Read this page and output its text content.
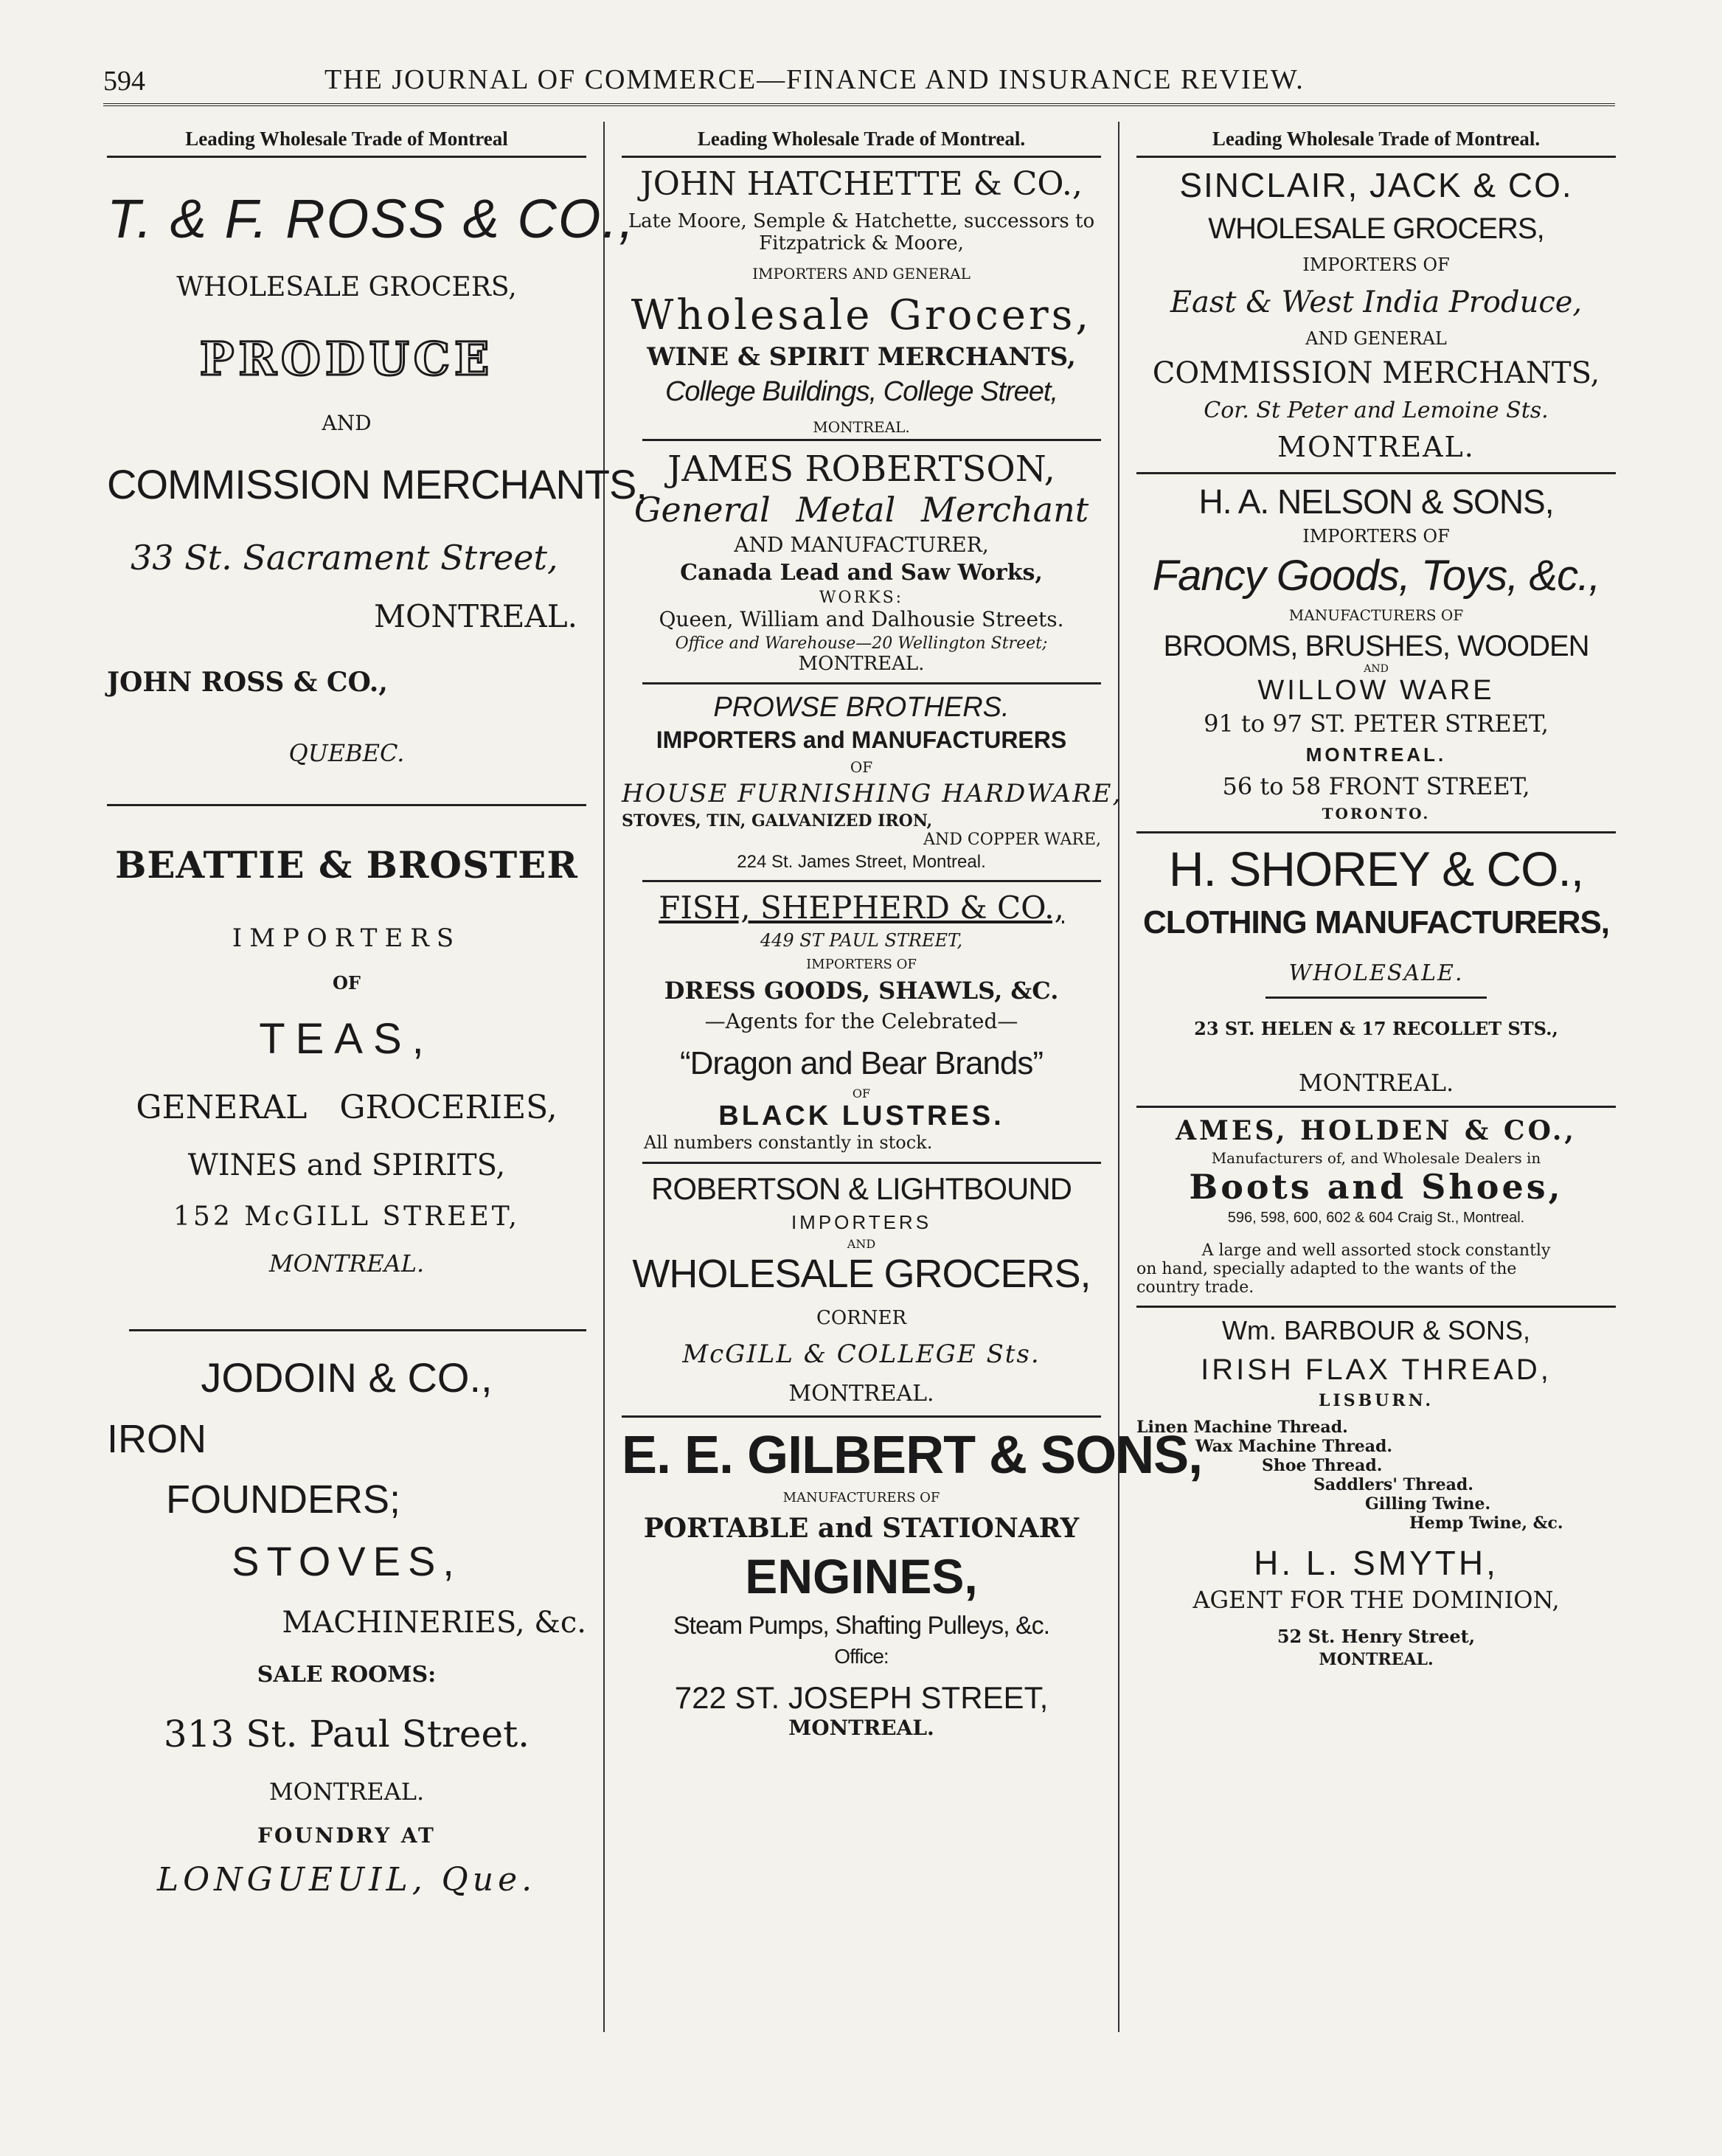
594	THE JOURNAL OF COMMERCE—FINANCE AND INSURANCE REVIEW.
Leading Wholesale Trade of Montreal
T. & F. ROSS & CO.,
WHOLESALE GROCERS,
PRODUCE
AND
COMMISSION MERCHANTS,
33 St. Sacrament Street,
MONTREAL.
JOHN ROSS & CO.,
QUEBEC.
BEATTIE & BROSTER
IMPORTERS
OF
TEAS,
GENERAL GROCERIES,
WINES and SPIRITS,
152 McGILL STREET,
MONTREAL.
JODOIN & CO.,
IRON
FOUNDERS;
STOVES,
MACHINERIES, &c.
SALE ROOMS:
313 St. Paul Street.
MONTREAL.
FOUNDRY AT
LONGUEUIL, Que.
Leading Wholesale Trade of Montreal.
JOHN HATCHETTE & CO.,
Late Moore, Semple & Hatchette, successors to
Fitzpatrick & Moore,
IMPORTERS AND GENERAL
Wholesale Grocers,
WINE & SPIRIT MERCHANTS,
College Buildings, College Street,
MONTREAL.
JAMES ROBERTSON,
General Metal Merchant
AND MANUFACTURER,
Canada Lead and Saw Works,
WORKS:
Queen, William and Dalhousie Streets.
Office and Warehouse—20 Wellington Street;
MONTREAL.
PROWSE BROTHERS.
IMPORTERS and MANUFACTURERS
OF
HOUSE FURNISHING HARDWARE,
STOVES, TIN, GALVANIZED IRON,
AND COPPER WARE,
224 St. James Street, Montreal.
FISH, SHEPHERD & CO.,
449 ST PAUL STREET,
IMPORTERS OF
DRESS GOODS, SHAWLS, &C.
—Agents for the Celebrated—
“Dragon and Bear Brands”
OF
BLACK LUSTRES.
All numbers constantly in stock.
ROBERTSON & LIGHTBOUND
IMPORTERS
AND
WHOLESALE GROCERS,
CORNER
McGILL & COLLEGE Sts.
MONTREAL.
E. E. GILBERT & SONS,
MANUFACTURERS OF
PORTABLE and STATIONARY
ENGINES,
Steam Pumps, Shafting Pulleys, &c.
Office:
722 ST. JOSEPH STREET,
MONTREAL.
Leading Wholesale Trade of Montreal.
SINCLAIR, JACK & CO.
WHOLESALE GROCERS,
IMPORTERS OF
East & West India Produce,
AND GENERAL
COMMISSION MERCHANTS,
Cor. St Peter and Lemoine Sts.
MONTREAL.
H. A. NELSON & SONS,
IMPORTERS OF
Fancy Goods, Toys, &c.,
MANUFACTURERS OF
BROOMS, BRUSHES, WOODEN
AND
WILLOW WARE
91 to 97 ST. PETER STREET,
MONTREAL.
56 to 58 FRONT STREET,
TORONTO.
H. SHOREY & CO.,
CLOTHING MANUFACTURERS,
WHOLESALE.
23 ST. HELEN & 17 RECOLLET STS.,
MONTREAL.
AMES, HOLDEN & CO.,
Manufacturers of, and Wholesale Dealers in
Boots and Shoes,
596, 598, 600, 602 & 604 Craig St., Montreal.
A large and well assorted stock constantly
on hand, specially adapted to the wants of the
country trade.
Wm. BARBOUR & SONS,
IRISH FLAX THREAD,
LISBURN.
Linen Machine Thread.
Wax Machine Thread.
Shoe Thread.
Saddlers' Thread.
Gilling Twine.
Hemp Twine, &c.
H. L. SMYTH,
AGENT FOR THE DOMINION,
52 St. Henry Street,
MONTREAL.
